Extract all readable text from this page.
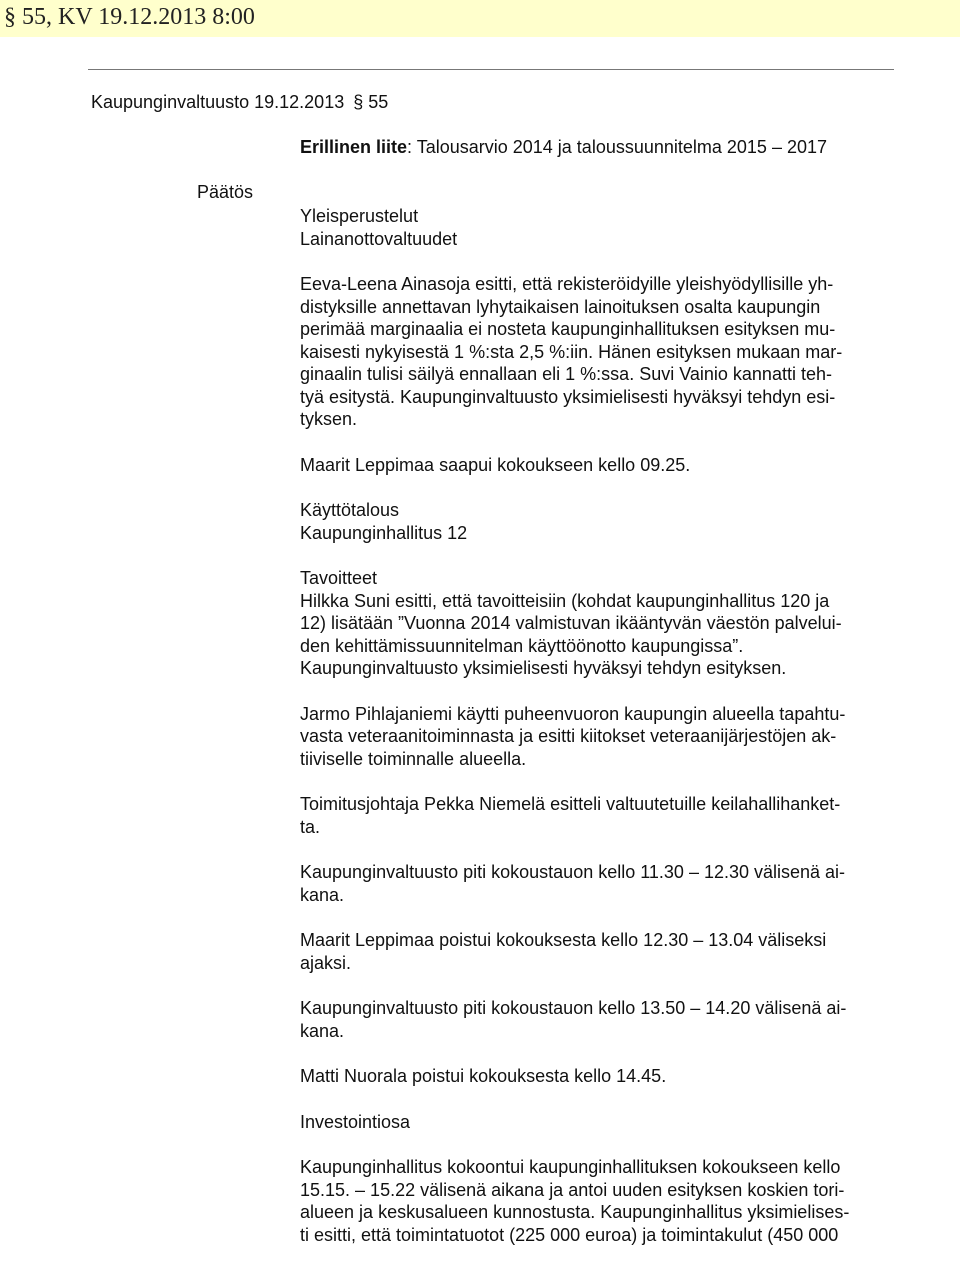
§ 55, KV 19.12.2013 8:00
Kaupunginvaltuusto 19.12.2013 § 55
Erillinen liite: Talousarvio 2014 ja taloussuunnitelma 2015 – 2017
Päätös
Yleisperustelut
Lainanottovaltuudet
Eeva-Leena Ainasoja esitti, että rekisteröidyille yleishyödyllisille yh-
distyksille annettavan lyhytaikaisen lainoituksen osalta kaupungin
perimää marginaalia ei nosteta kaupunginhallituksen esityksen mu-
kaisesti nykyisestä 1 %:sta 2,5 %:iin. Hänen esityksen mukaan mar-
ginaalin tulisi säilyä ennallaan eli 1 %:ssa. Suvi Vainio kannatti teh-
tyä esitystä. Kaupunginvaltuusto yksimielisesti hyväksyi tehdyn esi-
tyksen.
Maarit Leppimaa saapui kokoukseen kello 09.25.
Käyttötalous
Kaupunginhallitus 12
Tavoitteet
Hilkka Suni esitti, että tavoitteisiin (kohdat kaupunginhallitus 120 ja
12) lisätään ”Vuonna 2014 valmistuvan ikääntyvän väestön palvelui-
den kehittämissuunnitelman käyttöönotto kaupungissa”.
Kaupunginvaltuusto yksimielisesti hyväksyi tehdyn esityksen.
Jarmo Pihlajaniemi käytti puheenvuoron kaupungin alueella tapahtu-
vasta veteraanitoiminnasta ja esitti kiitokset veteraanijärjestöjen ak-
tiiviselle toiminnalle alueella.
Toimitusjohtaja Pekka Niemelä esitteli valtuutetuille keilahallihanket-
ta.
Kaupunginvaltuusto piti kokoustauon kello 11.30 – 12.30 välisenä ai-
kana.
Maarit Leppimaa poistui kokouksesta kello 12.30 – 13.04 väliseksi
ajaksi.
Kaupunginvaltuusto piti kokoustauon kello 13.50 – 14.20 välisenä ai-
kana.
Matti Nuorala poistui kokouksesta kello 14.45.
Investointiosa
Kaupunginhallitus kokoontui kaupunginhallituksen kokoukseen kello
15.15. – 15.22 välisenä aikana ja antoi uuden esityksen koskien tori-
alueen ja keskusalueen kunnostusta. Kaupunginhallitus yksimielises-
ti esitti, että toimintatuotot (225 000 euroa) ja toimintakulut (450 000
